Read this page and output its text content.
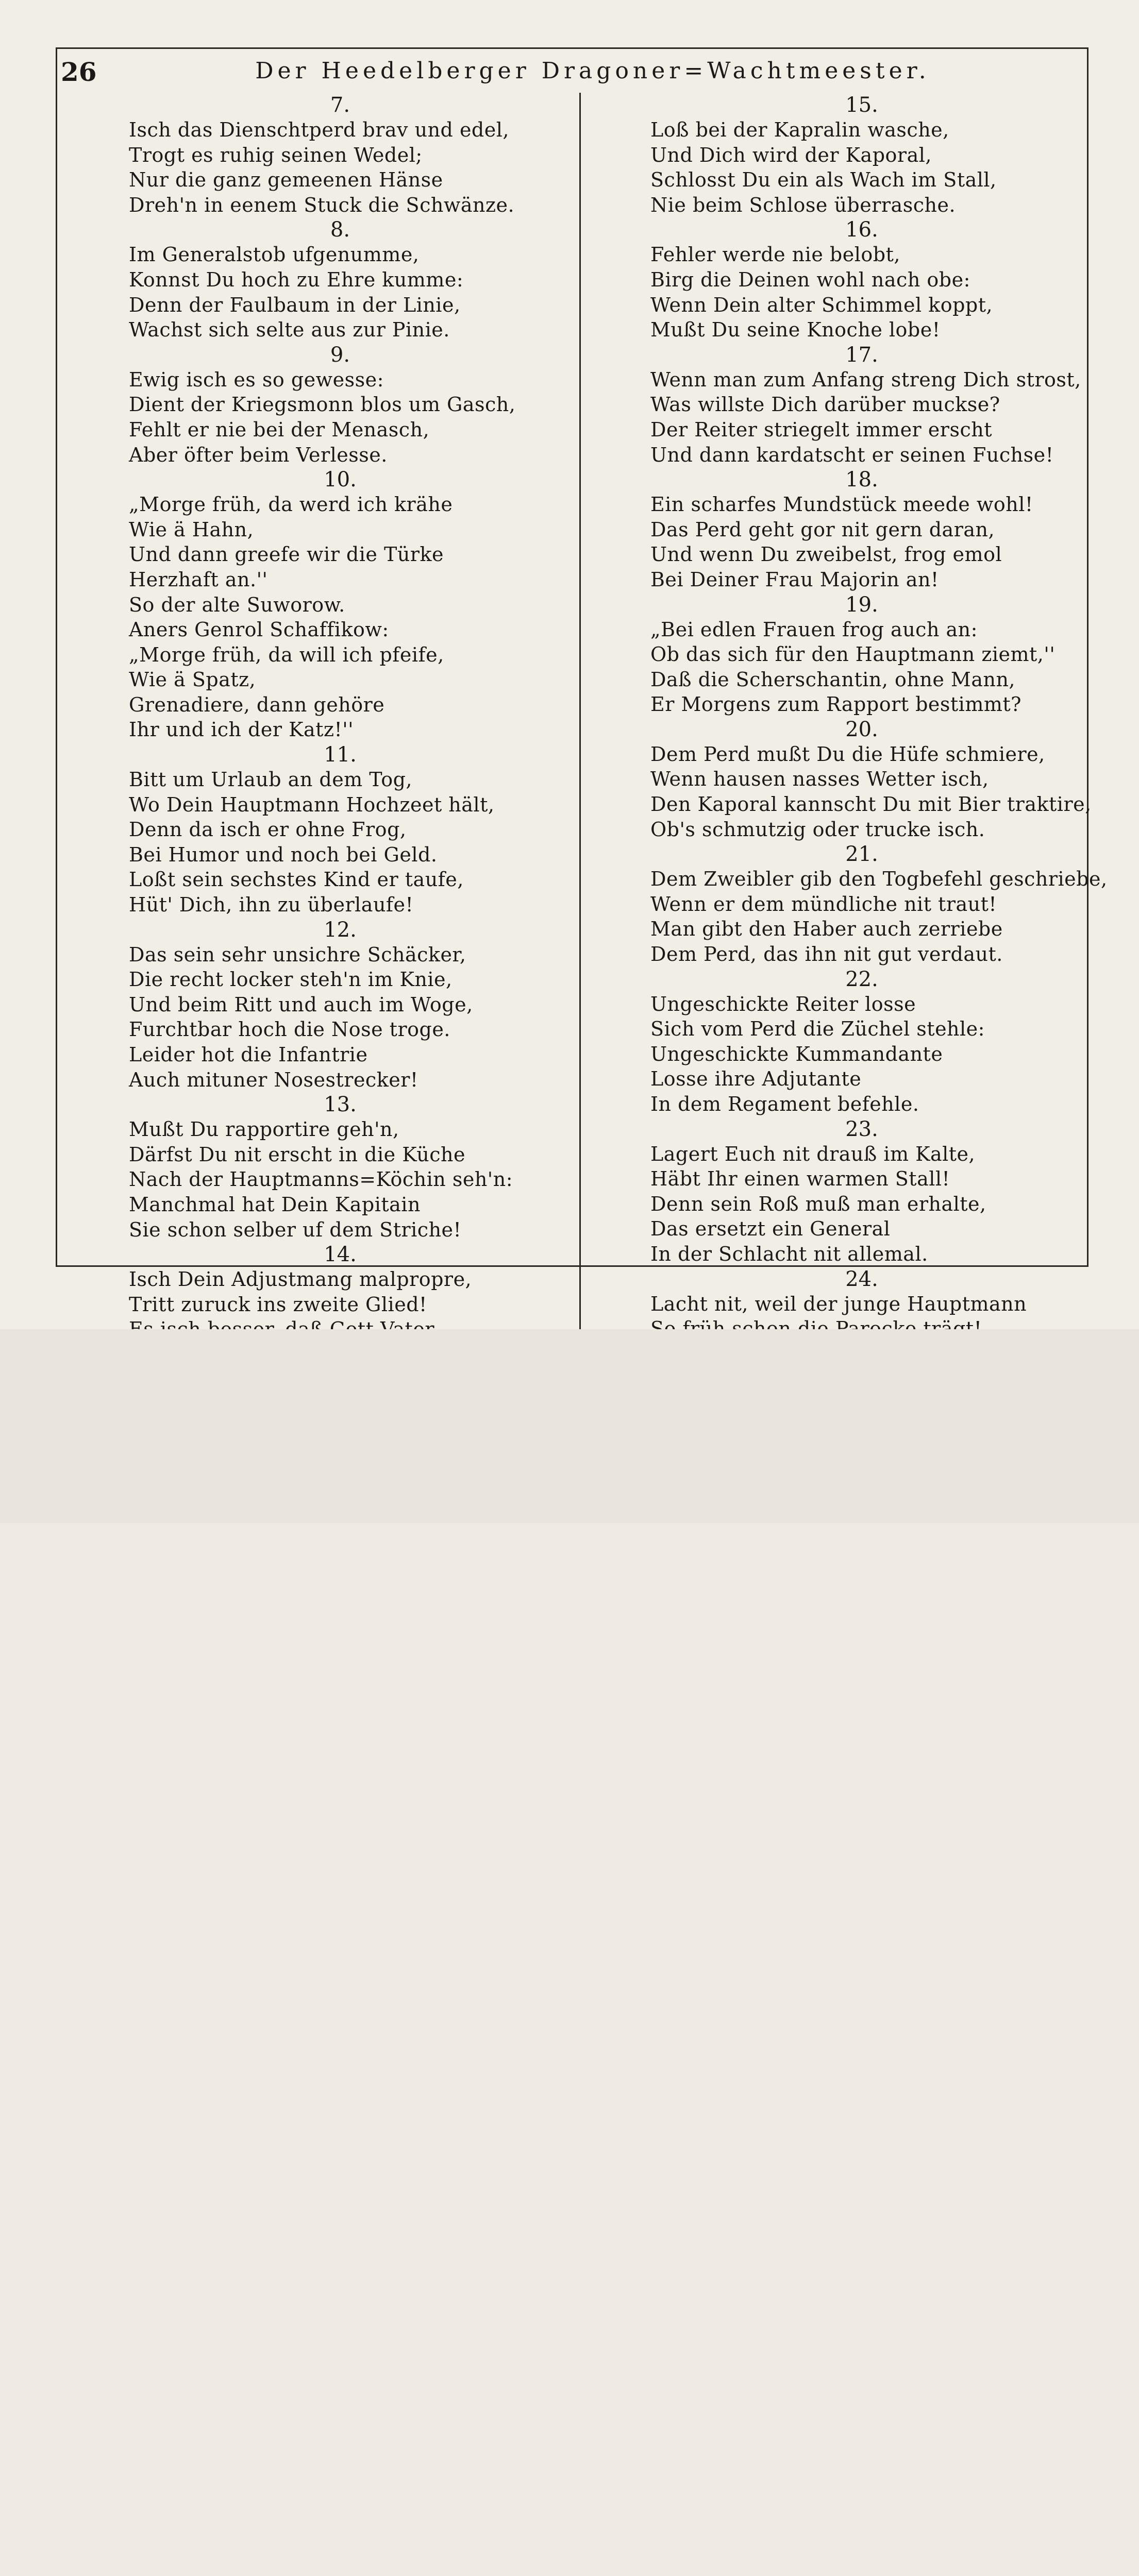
26	Der Heedelberger Dragoner=Wachtmeester.
7.
Isch das Dienschtperd brav und edel,
Trogt es ruhig seinen Wedel;
Nur die ganz gemeenen Hänse
Dreh'n in eenem Stuck die Schwänze.
8.
Im Generalstob ufgenumme,
Konnst Du hoch zu Ehre kumme:
Denn der Faulbaum in der Linie,
Wachst sich selte aus zur Pinie.
9.
Ewig isch es so gewesse:
Dient der Kriegsmonn blos um Gasch,
Fehlt er nie bei der Menasch,
Aber öfter beim Verlesse.
10.
„Morge früh, da werd ich krähe
Wie ä Hahn,
Und dann greefe wir die Türke
Herzhaft an.''
So der alte Suworow.
Aners Genrol Schaffikow:
„Morge früh, da will ich pfeife,
Wie ä Spatz,
Grenadiere, dann gehöre
Ihr und ich der Katz!''
11.
Bitt um Urlaub an dem Tog,
Wo Dein Hauptmann Hochzeet hält,
Denn da isch er ohne Frog,
Bei Humor und noch bei Geld.
Loßt sein sechstes Kind er taufe,
Hüt' Dich, ihn zu überlaufe!
12.
Das sein sehr unsichre Schäcker,
Die recht locker steh'n im Knie,
Und beim Ritt und auch im Woge,
Furchtbar hoch die Nose troge.
Leider hot die Infantrie
Auch mituner Nosestrecker!
13.
Mußt Du rapportire geh'n,
Därfst Du nit erscht in die Küche
Nach der Hauptmanns=Köchin seh'n:
Manchmal hat Dein Kapitain
Sie schon selber uf dem Striche!
14.
Isch Dein Adjustmang malpropre,
Tritt zuruck ins zweite Glied!
15.
Loß bei der Kapralin wasche,
Und Dich wird der Kaporal,
Schlosst Du ein als Wach im Stall,
Nie beim Schlose überrasche.
16.
Fehler werde nie belobt,
Birg die Deinen wohl nach obe:
Wenn Dein alter Schimmel koppt,
Mußt Du seine Knoche lobe!
17.
Wenn man zum Anfang streng Dich strost,
Was willste Dich darüber muckse?
Der Reiter striegelt immer erscht
Und dann kardatscht er seinen Fuchse!
18.
Ein scharfes Mundstück meede wohl!
Das Perd geht gor nit gern daran,
Und wenn Du zweibelst, frog emol
Bei Deiner Frau Majorin an!
19.
„Bei edlen Frauen frog auch an:
Ob das sich für den Hauptmann ziemt,''
Daß die Scherschantin, ohne Mann,
Er Morgens zum Rapport bestimmt?
20.
Dem Perd mußt Du die Hüfe schmiere,
Wenn hausen nasses Wetter isch,
Den Kaporal kannscht Du mit Bier traktire,
Ob's schmutzig oder trucke isch.
21.
Dem Zweibler gib den Togbefehl geschriebe,
Wenn er dem mündliche nit traut!
Man gibt den Haber auch zerriebe
Dem Perd, das ihn nit gut verdaut.
22.
Ungeschickte Reiter losse
Sich vom Perd die Züchel stehle:
Ungeschickte Kummandante
Losse ihre Adjutante
In dem Regament befehle.
23.
Lagert Euch nit drauß im Kalte,
Häbt Ihr einen warmen Stall!
Denn sein Roß muß man erhalte,
Das ersetzt ein General
In der Schlacht nit allemal.
24.
Lacht nit, weil der junge Hauptmann
